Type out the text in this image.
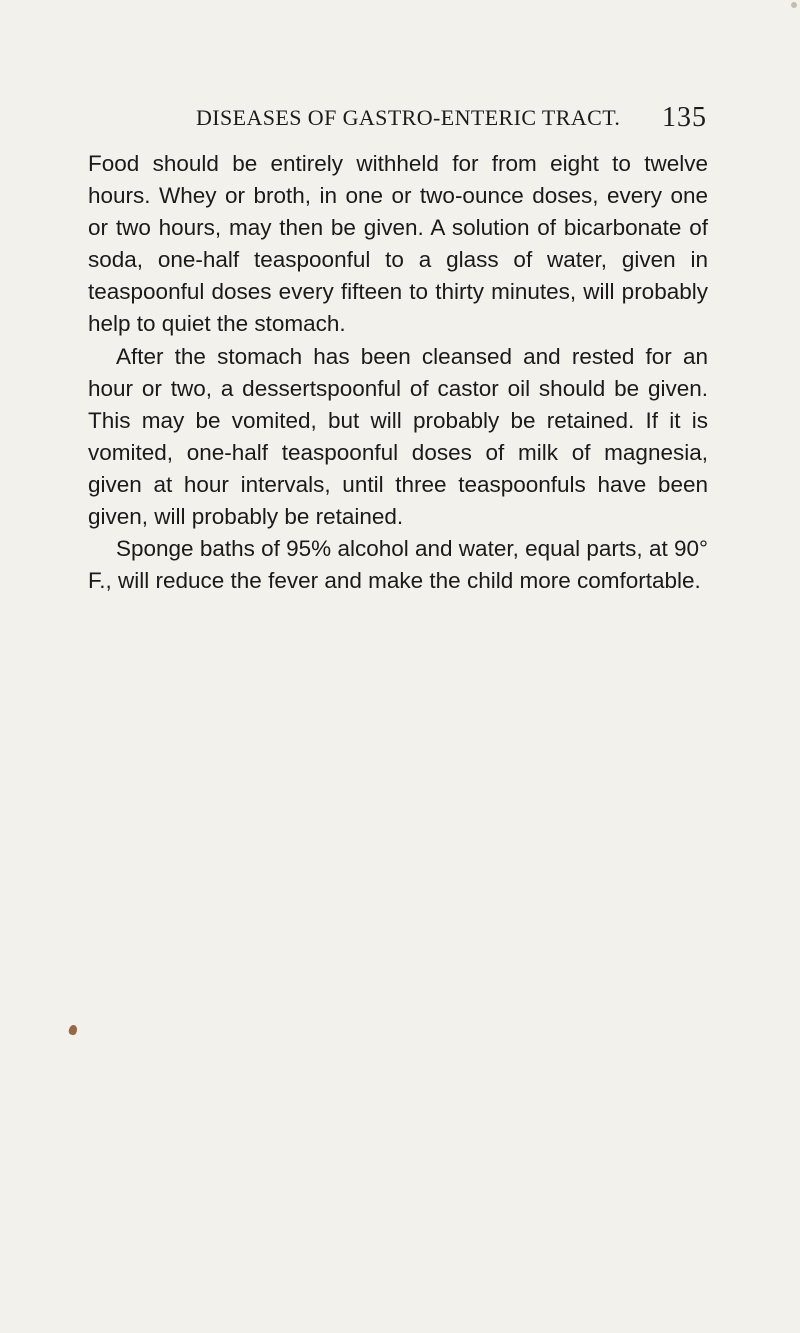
DISEASES OF GASTRO-ENTERIC TRACT. 135

Food should be entirely withheld for from eight to twelve hours. Whey or broth, in one or two-ounce doses, every one or two hours, may then be given. A solution of bicarbonate of soda, one-half teaspoonful to a glass of water, given in teaspoonful doses every fifteen to thirty minutes, will probably help to quiet the stomach.

After the stomach has been cleansed and rested for an hour or two, a dessertspoonful of castor oil should be given. This may be vomited, but will probably be retained. If it is vomited, one-half teaspoonful doses of milk of magnesia, given at hour intervals, until three teaspoonfuls have been given, will probably be retained.

Sponge baths of 95% alcohol and water, equal parts, at 90° F., will reduce the fever and make the child more comfortable.
